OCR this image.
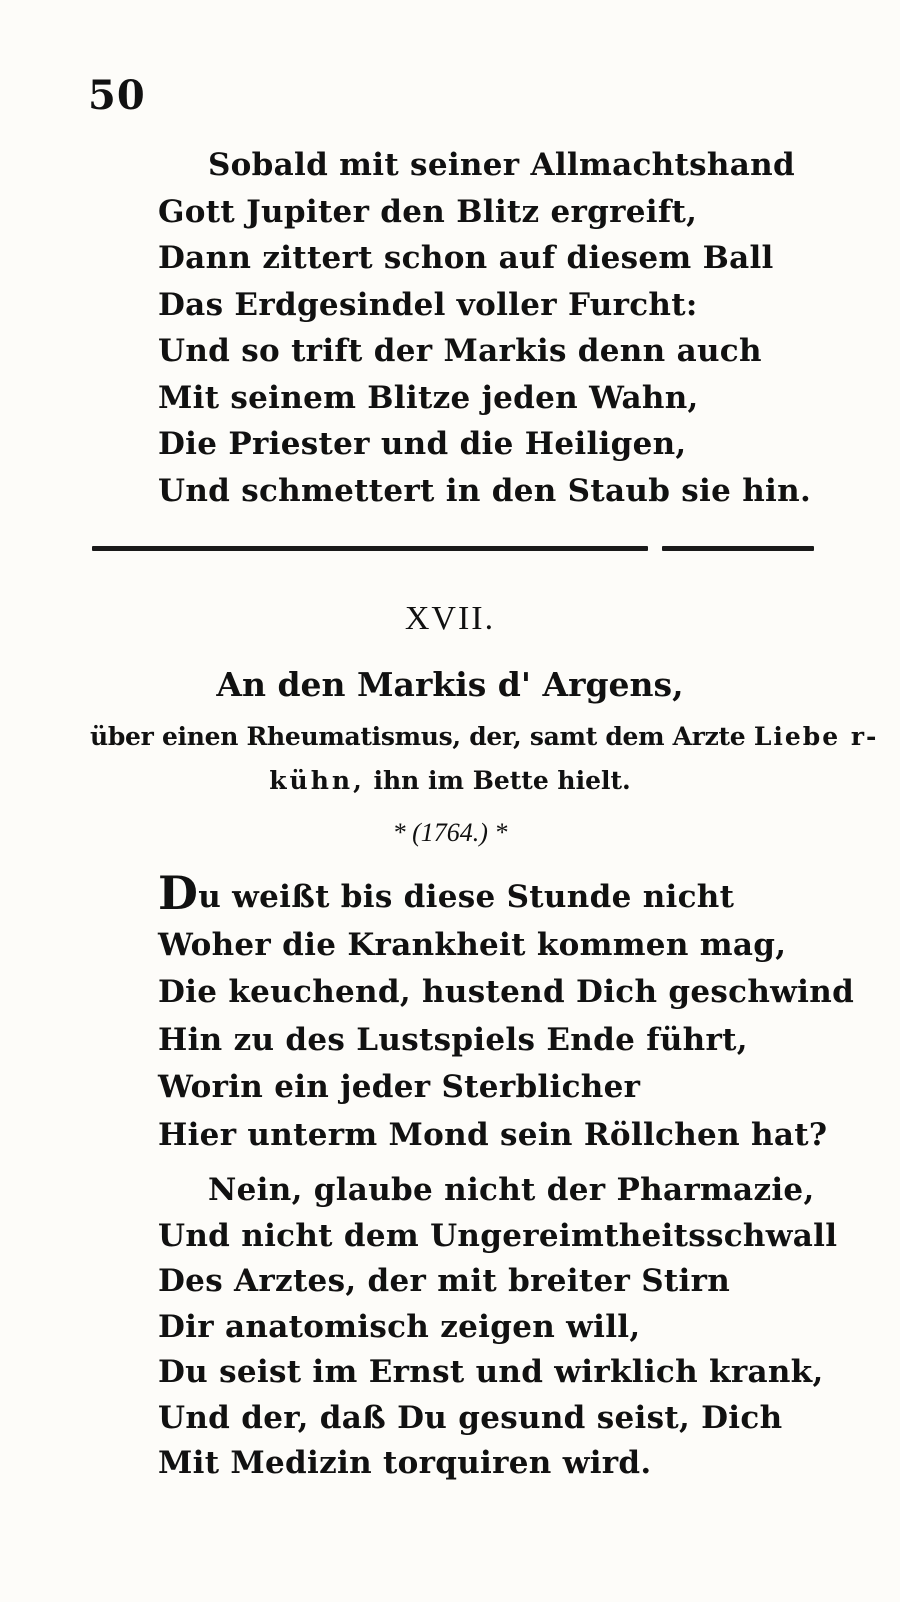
50
Sobald mit seiner Allmachtshand
Gott Jupiter den Blitz ergreift,
Dann zittert schon auf diesem Ball
Das Erdgesindel voller Furcht:
Und so trift der Markis denn auch
Mit seinem Blitze jeden Wahn,
Die Priester und die Heiligen,
Und schmettert in den Staub sie hin.
XVII.
An den Markis d' Argens,
über einen Rheumatismus, der, samt dem Arzte Liebe r-
kühn, ihn im Bette hielt.
* (1764.) *
Du weißt bis diese Stunde nicht
Woher die Krankheit kommen mag,
Die keuchend, hustend Dich geschwind
Hin zu des Lustspiels Ende führt,
Worin ein jeder Sterblicher
Hier unterm Mond sein Röllchen hat?
Nein, glaube nicht der Pharmazie,
Und nicht dem Ungereimtheitsschwall
Des Arztes, der mit breiter Stirn
Dir anatomisch zeigen will,
Du seist im Ernst und wirklich krank,
Und der, daß Du gesund seist, Dich
Mit Medizin torquiren wird.
